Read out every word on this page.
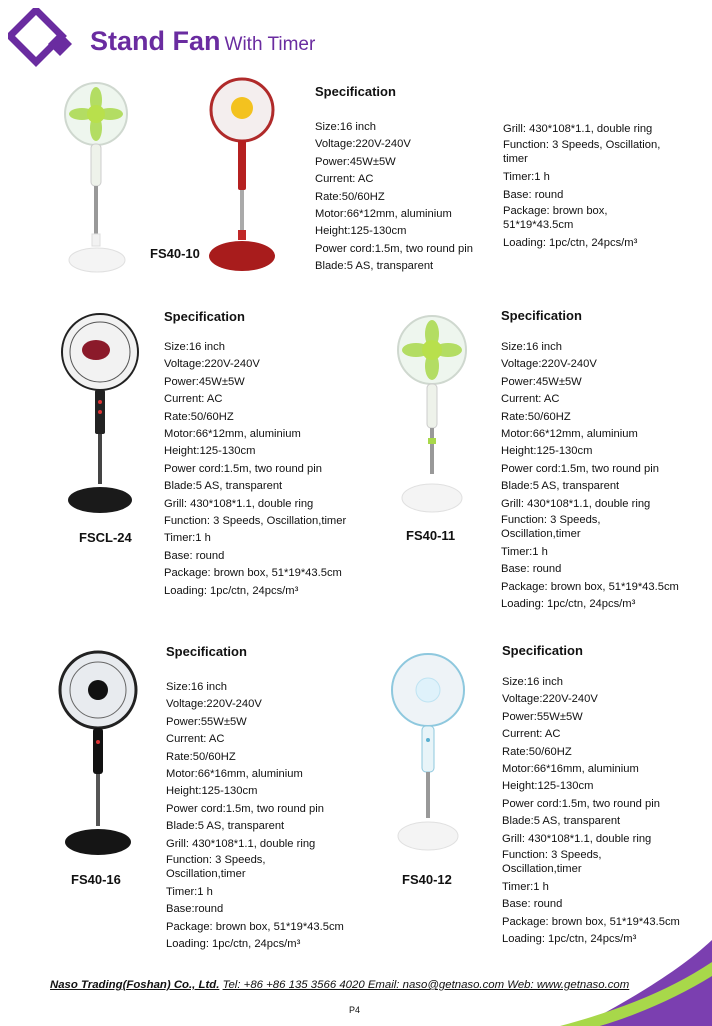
Stand Fan With Timer
FS40-10
Specification
Size:16 inch
Voltage:220V-240V
Power:45W±5W
Current: AC
Rate:50/60HZ
Motor:66*12mm, aluminium
Height:125-130cm
Power cord:1.5m, two round pin
Blade:5 AS, transparent
Grill: 430*108*1.1, double ring
Function: 3 Speeds, Oscillation, timer
Timer:1 h
Base: round
Package: brown box, 51*19*43.5cm
Loading: 1pc/ctn, 24pcs/m³
FSCL-24
Specification
Size:16 inch
Voltage:220V-240V
Power:45W±5W
Current: AC
Rate:50/60HZ
Motor:66*12mm, aluminium
Height:125-130cm
Power cord:1.5m, two round pin
Blade:5 AS, transparent
Grill: 430*108*1.1, double ring
Function: 3 Speeds, Oscillation,timer
Timer:1 h
Base: round
Package: brown box, 51*19*43.5cm
Loading: 1pc/ctn, 24pcs/m³
FS40-11
Specification
Size:16 inch
Voltage:220V-240V
Power:45W±5W
Current: AC
Rate:50/60HZ
Motor:66*12mm, aluminium
Height:125-130cm
Power cord:1.5m, two round pin
Blade:5 AS, transparent
Grill: 430*108*1.1, double ring
Function: 3 Speeds, Oscillation,timer
Timer:1 h
Base: round
Package: brown box, 51*19*43.5cm
Loading: 1pc/ctn, 24pcs/m³
FS40-16
Specification
Size:16 inch
Voltage:220V-240V
Power:55W±5W
Current: AC
Rate:50/60HZ
Motor:66*16mm, aluminium
Height:125-130cm
Power cord:1.5m, two round pin
Blade:5 AS, transparent
Grill: 430*108*1.1, double ring
Function: 3 Speeds, Oscillation,timer
Timer:1 h
Base:round
Package: brown box, 51*19*43.5cm
Loading: 1pc/ctn, 24pcs/m³
FS40-12
Specification
Size:16 inch
Voltage:220V-240V
Power:55W±5W
Current: AC
Rate:50/60HZ
Motor:66*16mm, aluminium
Height:125-130cm
Power cord:1.5m, two round pin
Blade:5 AS, transparent
Grill: 430*108*1.1, double ring
Function: 3 Speeds, Oscillation,timer
Timer:1 h
Base: round
Package: brown box, 51*19*43.5cm
Loading: 1pc/ctn, 24pcs/m³
Naso Trading(Foshan) Co., Ltd. Tel: +86 +86 135 3566 4020 Email: naso@getnaso.com Web: www.getnaso.com
P4
